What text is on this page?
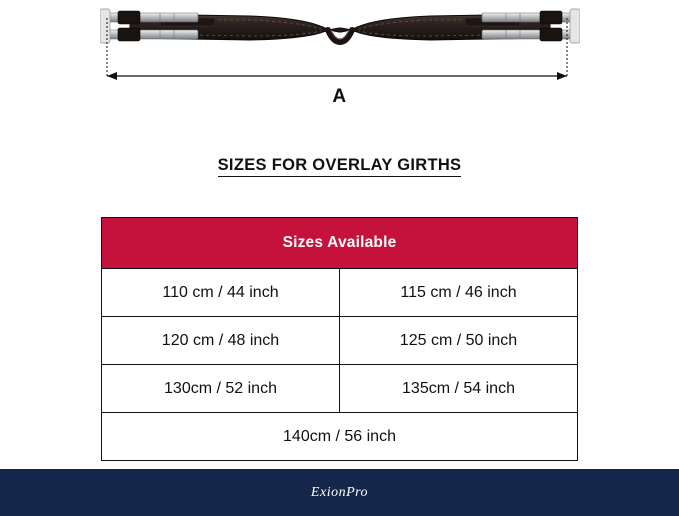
A
SIZES FOR OVERLAY GIRTHS
Sizes Available	
110 cm / 44 inch	115 cm / 46 inch
120 cm / 48 inch	125 cm / 50 inch
130cm / 52 inch	135cm / 54 inch
140cm / 56 inch	
ExionPro
